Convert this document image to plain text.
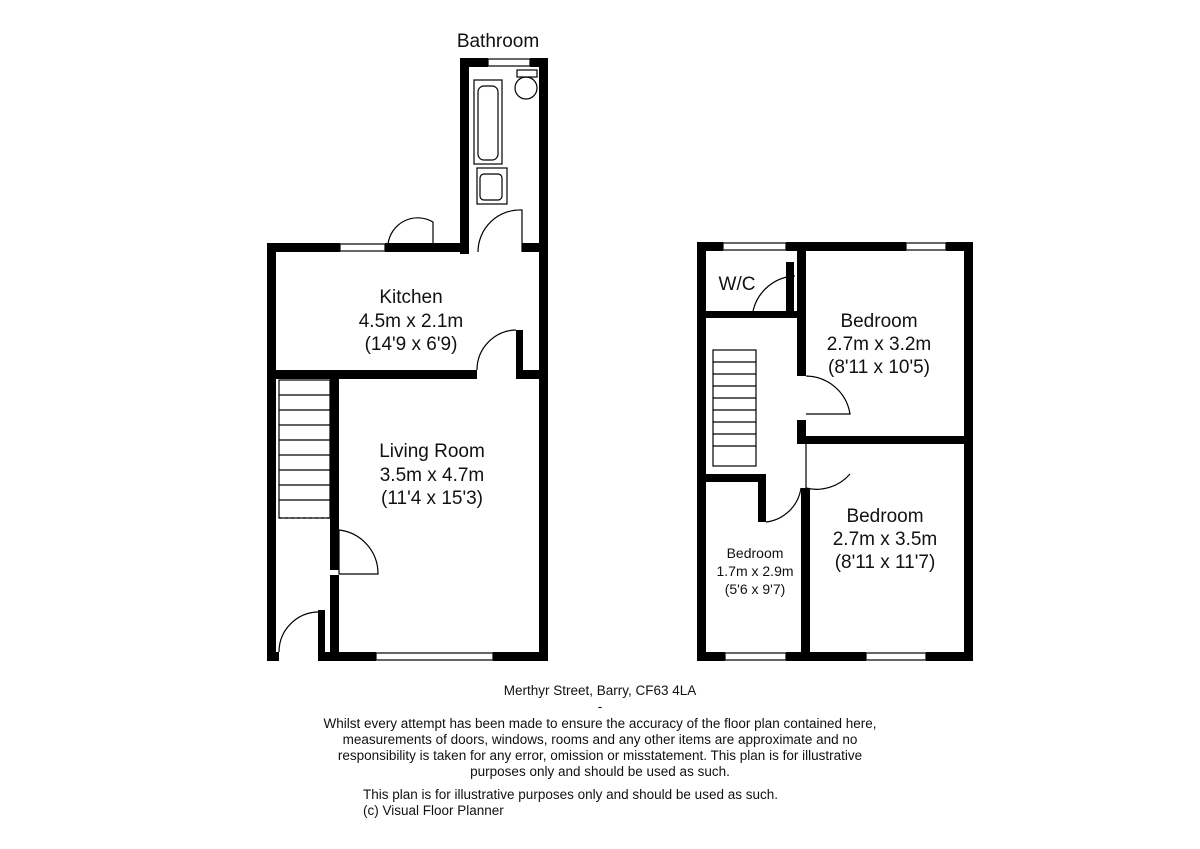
Bathroom
Kitchen
4.5m x 2.1m
(14'9 x 6'9)
Living Room
3.5m x 4.7m
(11'4 x 15'3)
W/C
Bedroom
2.7m x 3.2m
(8'11 x 10'5)
Bedroom
2.7m x 3.5m
(8'11 x 11'7)
Bedroom
1.7m x 2.9m
(5'6 x 9'7)
Merthyr Street, Barry, CF63 4LA
-
Whilst every attempt has been made to ensure the accuracy of the floor plan contained here,
measurements of doors, windows, rooms and any other items are approximate and no
responsibility is taken for any error, omission or misstatement. This plan is for illustrative
purposes only and should be used as such.
This plan is for illustrative purposes only and should be used as such.
(c) Visual Floor Planner
